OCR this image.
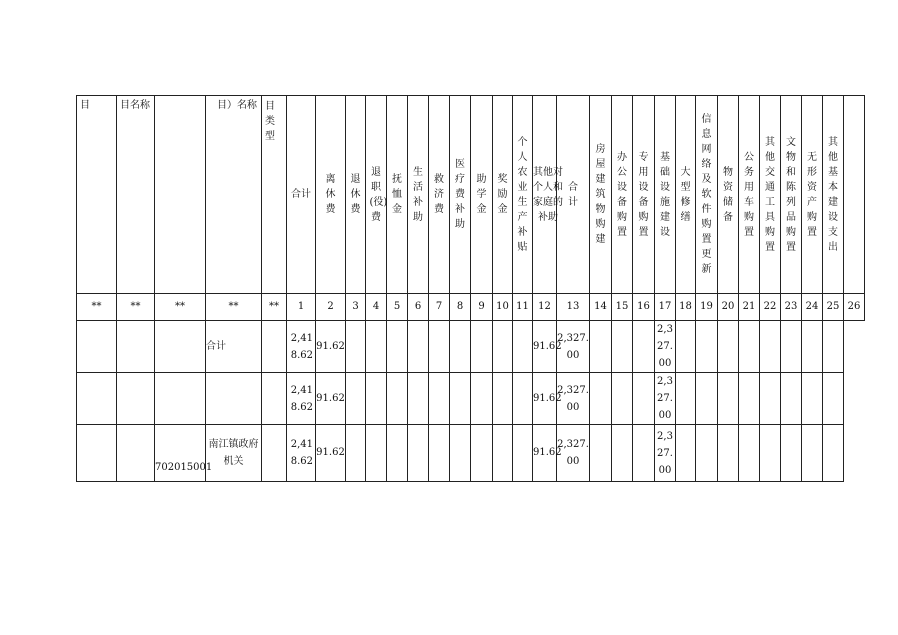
目	目名称		目）名称	目类型	合计	离休费	退休费	退职(役)费	抚恤金	生活补助	救济费	医疗费补助	助学金	奖励金	个人农业生产补贴	其他对个人和家庭的补助	合计	房屋建筑物购建	办公设备购置	专用设备购置	基础设施建设	大型修缮	信息网络及软件购置更新	物资储备	公务用车购置	其他交通工具购置	文物和陈列品购置	无形资产购置	其他基本建设支出	
**	**	**	**	**	1	2	3	4	5	6	7	8	9	10	11	12	13	14	15	16	17	18	19	20	21	22	23	24	25	26
			合计		2,418.62	91.62										91.62	2,327.00				2,327.00									
					2,418.62	91.62										91.62	2,327.00				2,327.00									
		702015001	南江镇政府机关		2,418.62	91.62										91.62	2,327.00				2,327.00									
